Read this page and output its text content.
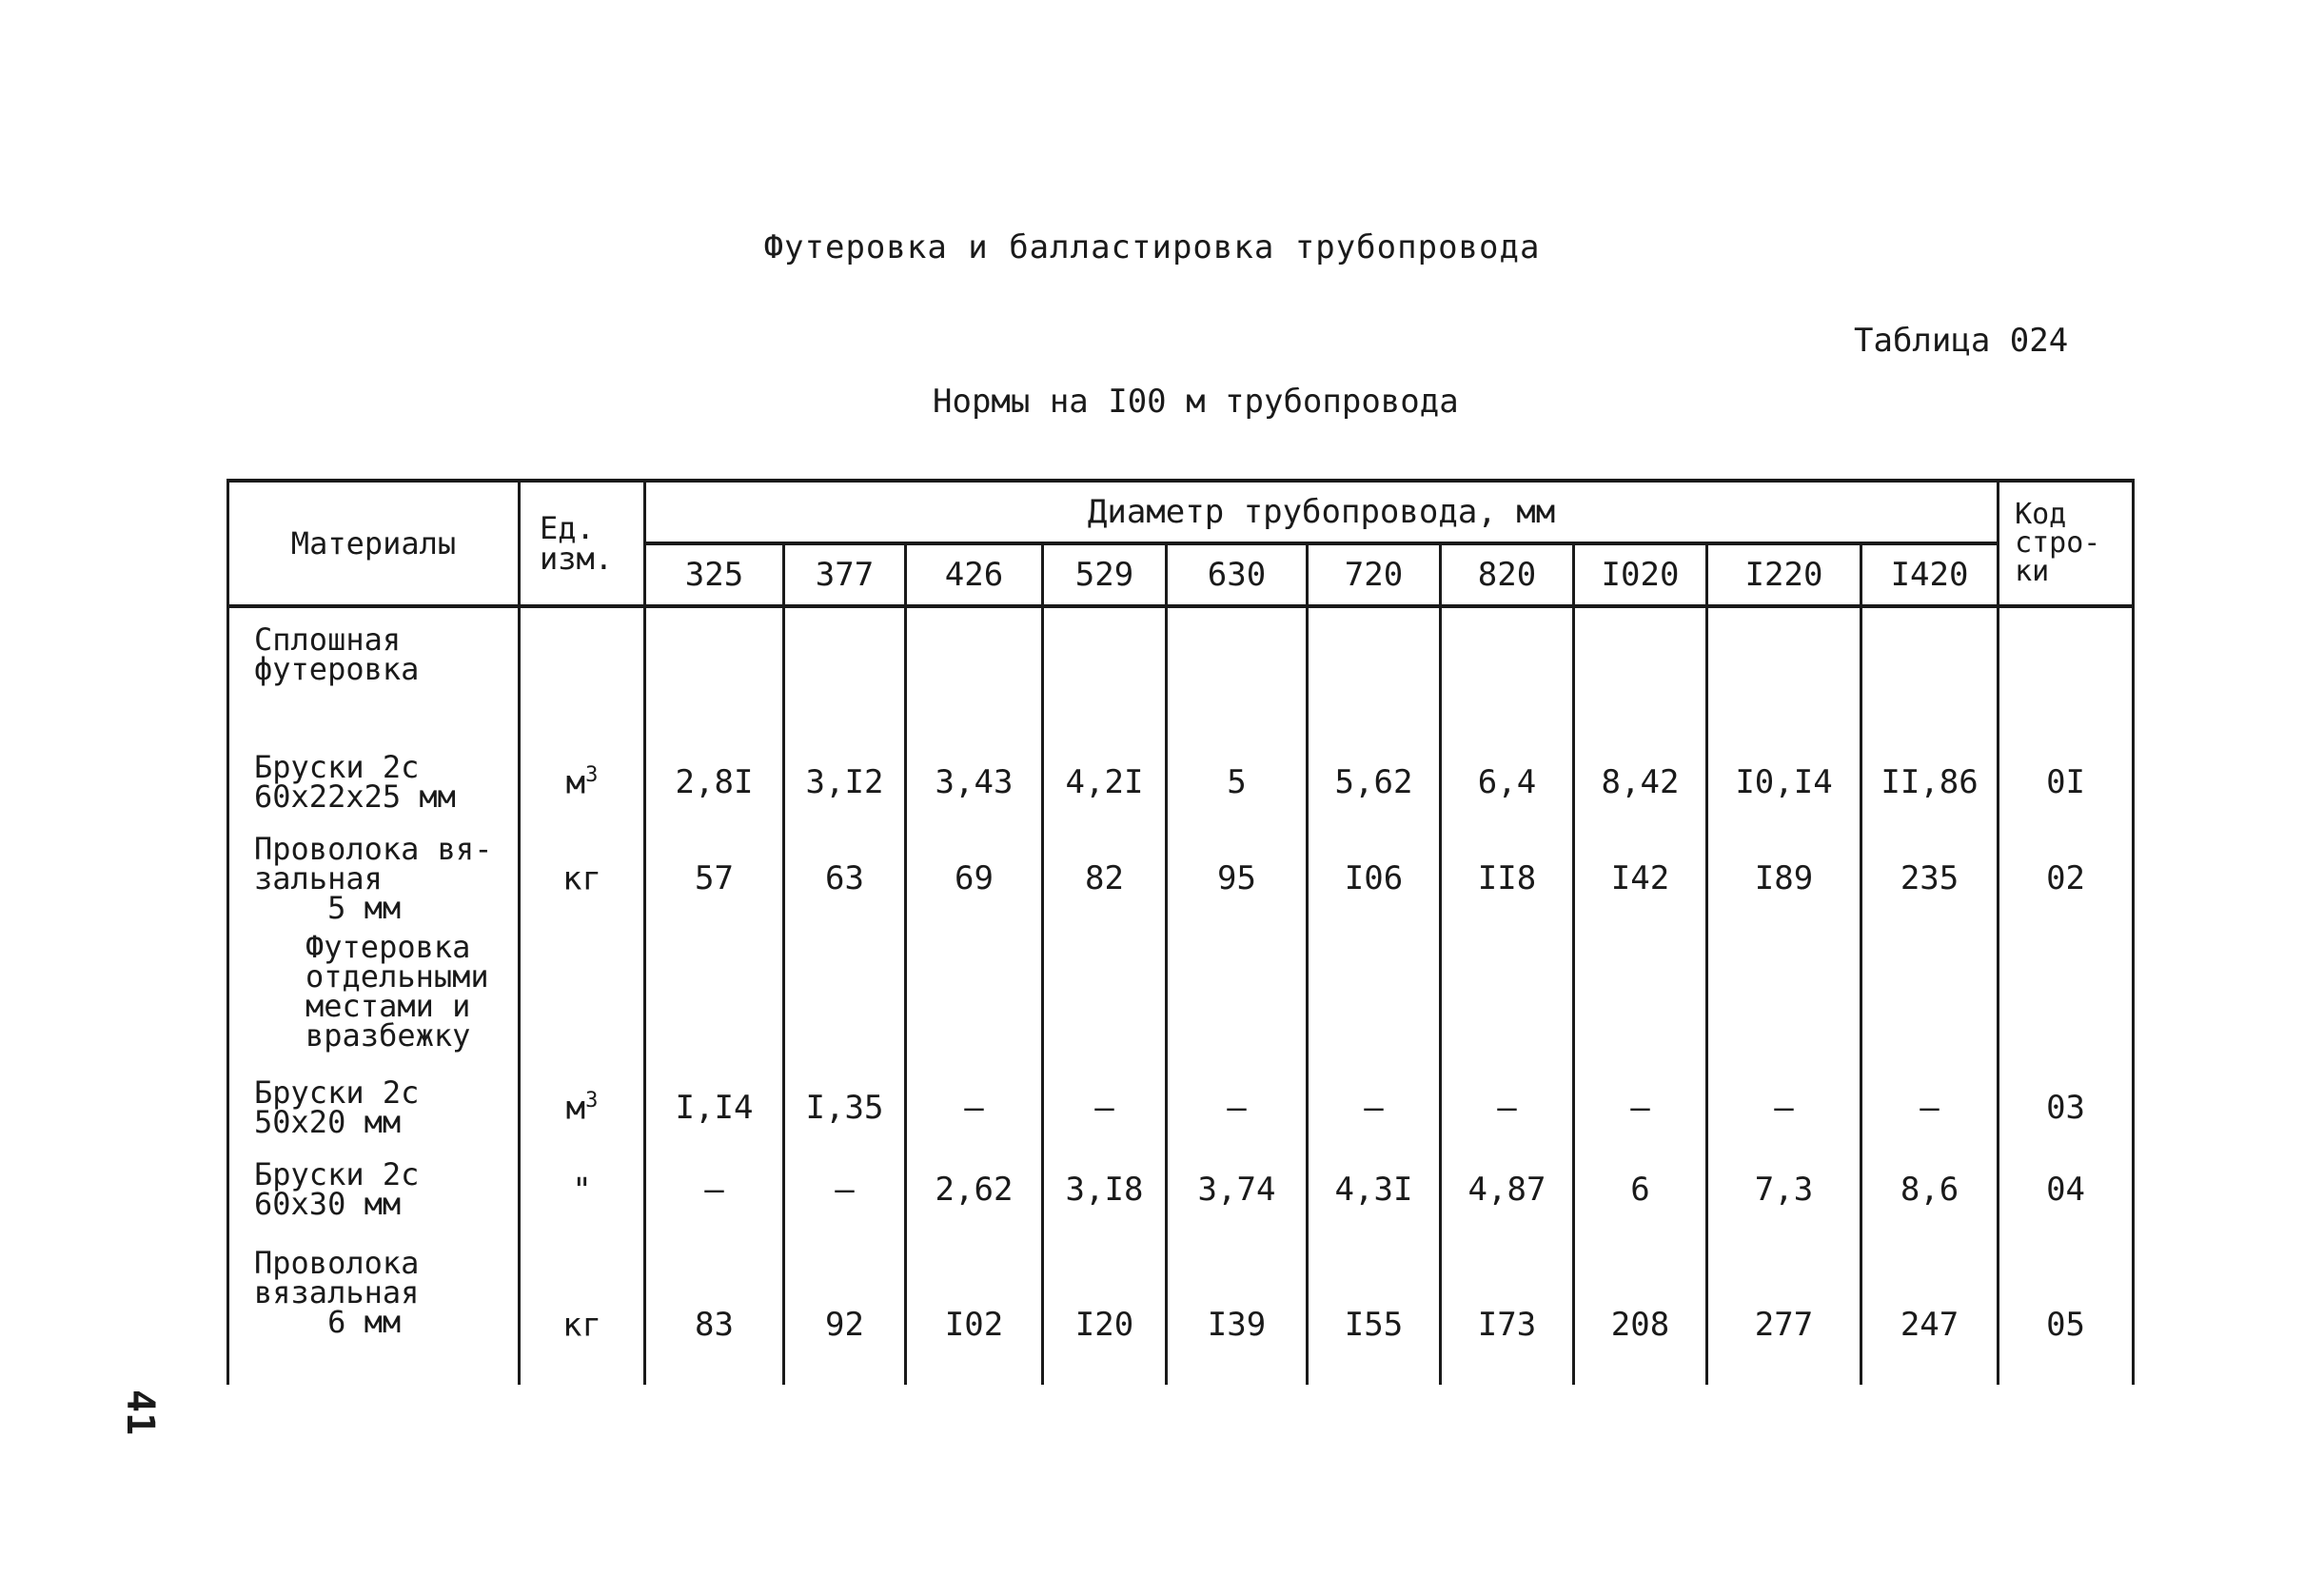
Футеровка и балластировка трубопровода
Таблица 024
Нормы на I00 м трубопровода
Материалы	Ед. изм.	Диаметр трубопровода, мм										Код стро- ки
		325	377	426	529	630	720	820	I020	I220	I420	
Сплошная
футеровка												
Бруски 2с
60х22х25 мм	$м^3$	2,8I	3,I2	3,43	4,2I	5	5,62	6,4	8,42	I0,I4	II,86	0I
Проволока вя-
зальная
5 мм	кг	57	63	69	82	95	I06	II8	I42	I89	235	02
Футеровка
отдельными
местами и
вразбежку												
Бруски 2с
50х20 мм	$м^3$	I,I4	I,35	–	–	–	–	–	–	–	–	03
Бруски 2с
60х30 мм	"	–	–	2,62	3,I8	3,74	4,3I	4,87	6	7,3	8,6	04
Проволока
вязальная
6 мм	кг	83	92	I02	I20	I39	I55	I73	208	277	247	05
41
